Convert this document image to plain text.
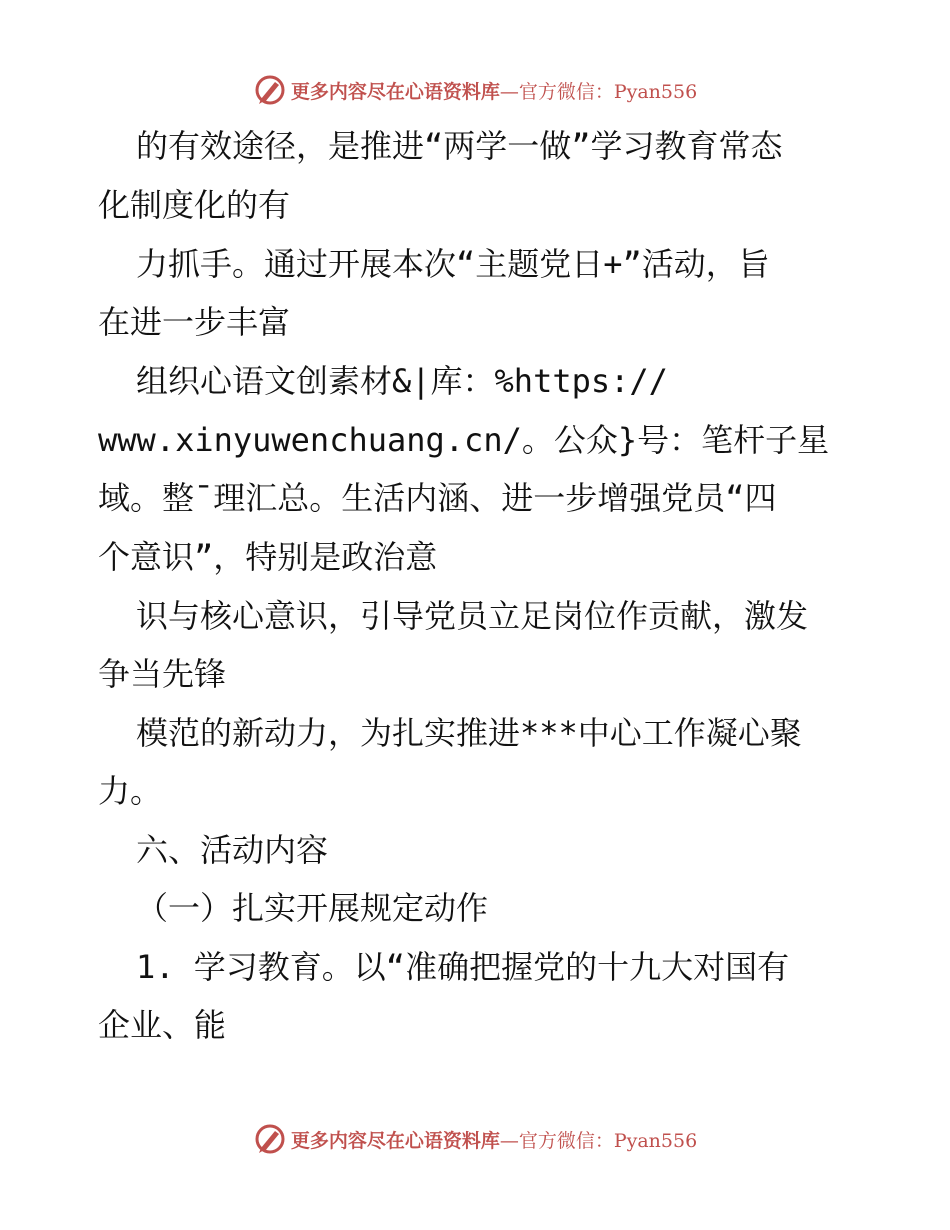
更多内容尽在心语资料库—官方微信：Pyan556
的有效途径，是推进“两学一做”学习教育常态
化制度化的有
力抓手。通过开展本次“主题党日+”活动，旨
在进一步丰富
组织心语文创素材&|库：%https://
www.xinyuwenchuang.cn/。公众}号：笔杆子星
域。整¯理汇总。生活内涵、进一步增强党员“四
个意识”，特别是政治意
识与核心意识，引导党员立足岗位作贡献，激发
争当先锋
模范的新动力，为扎实推进***中心工作凝心聚
力。
六、活动内容
（一）扎实开展规定动作
1. 学习教育。以“准确把握党的十九大对国有
企业、能
更多内容尽在心语资料库—官方微信：Pyan556
